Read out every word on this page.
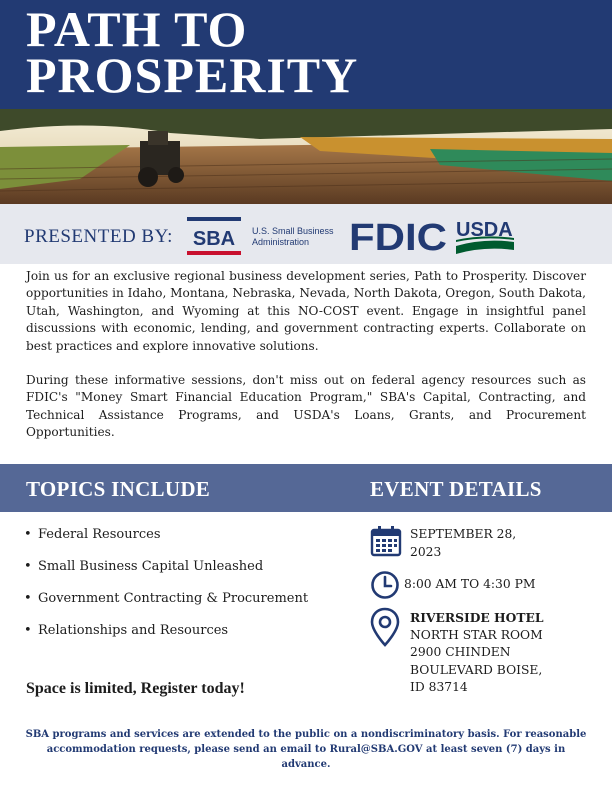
PATH TO
PROSPERITY
PRESENTED BY: SBA U.S. Small Business
Administration	FDIC USDA

Join us for an exclusive regional business development series, Path to Prosperity. Discover opportunities in Idaho, Montana, Nebraska, Nevada, North Dakota, Oregon, South Dakota, Utah, Washington, and Wyoming at this NO-COST event. Engage in insightful panel discussions with economic, lending, and government contracting experts. Collaborate on best practices and explore innovative solutions.

During these informative sessions, don't miss out on federal agency resources such as FDIC's "Money Smart Financial Education Program," SBA's Capital, Contracting, and Technical Assistance Programs, and USDA's Loans, Grants, and Procurement Opportunities.

TOPICS INCLUDE	EVENT DETAILS
• Federal Resources
• Small Business Capital Unleashed
• Government Contracting & Procurement
• Relationships and Resources
Space is limited, Register today!
SEPTEMBER 28, 2023
8:00 AM TO 4:30 PM
RIVERSIDE HOTEL
NORTH STAR ROOM
2900 CHINDEN BOULEVARD BOISE, ID 83714
SBA programs and services are extended to the public on a nondiscriminatory basis. For reasonable accommodation requests, please send an email to Rural@SBA.GOV at least seven (7) days in advance.
